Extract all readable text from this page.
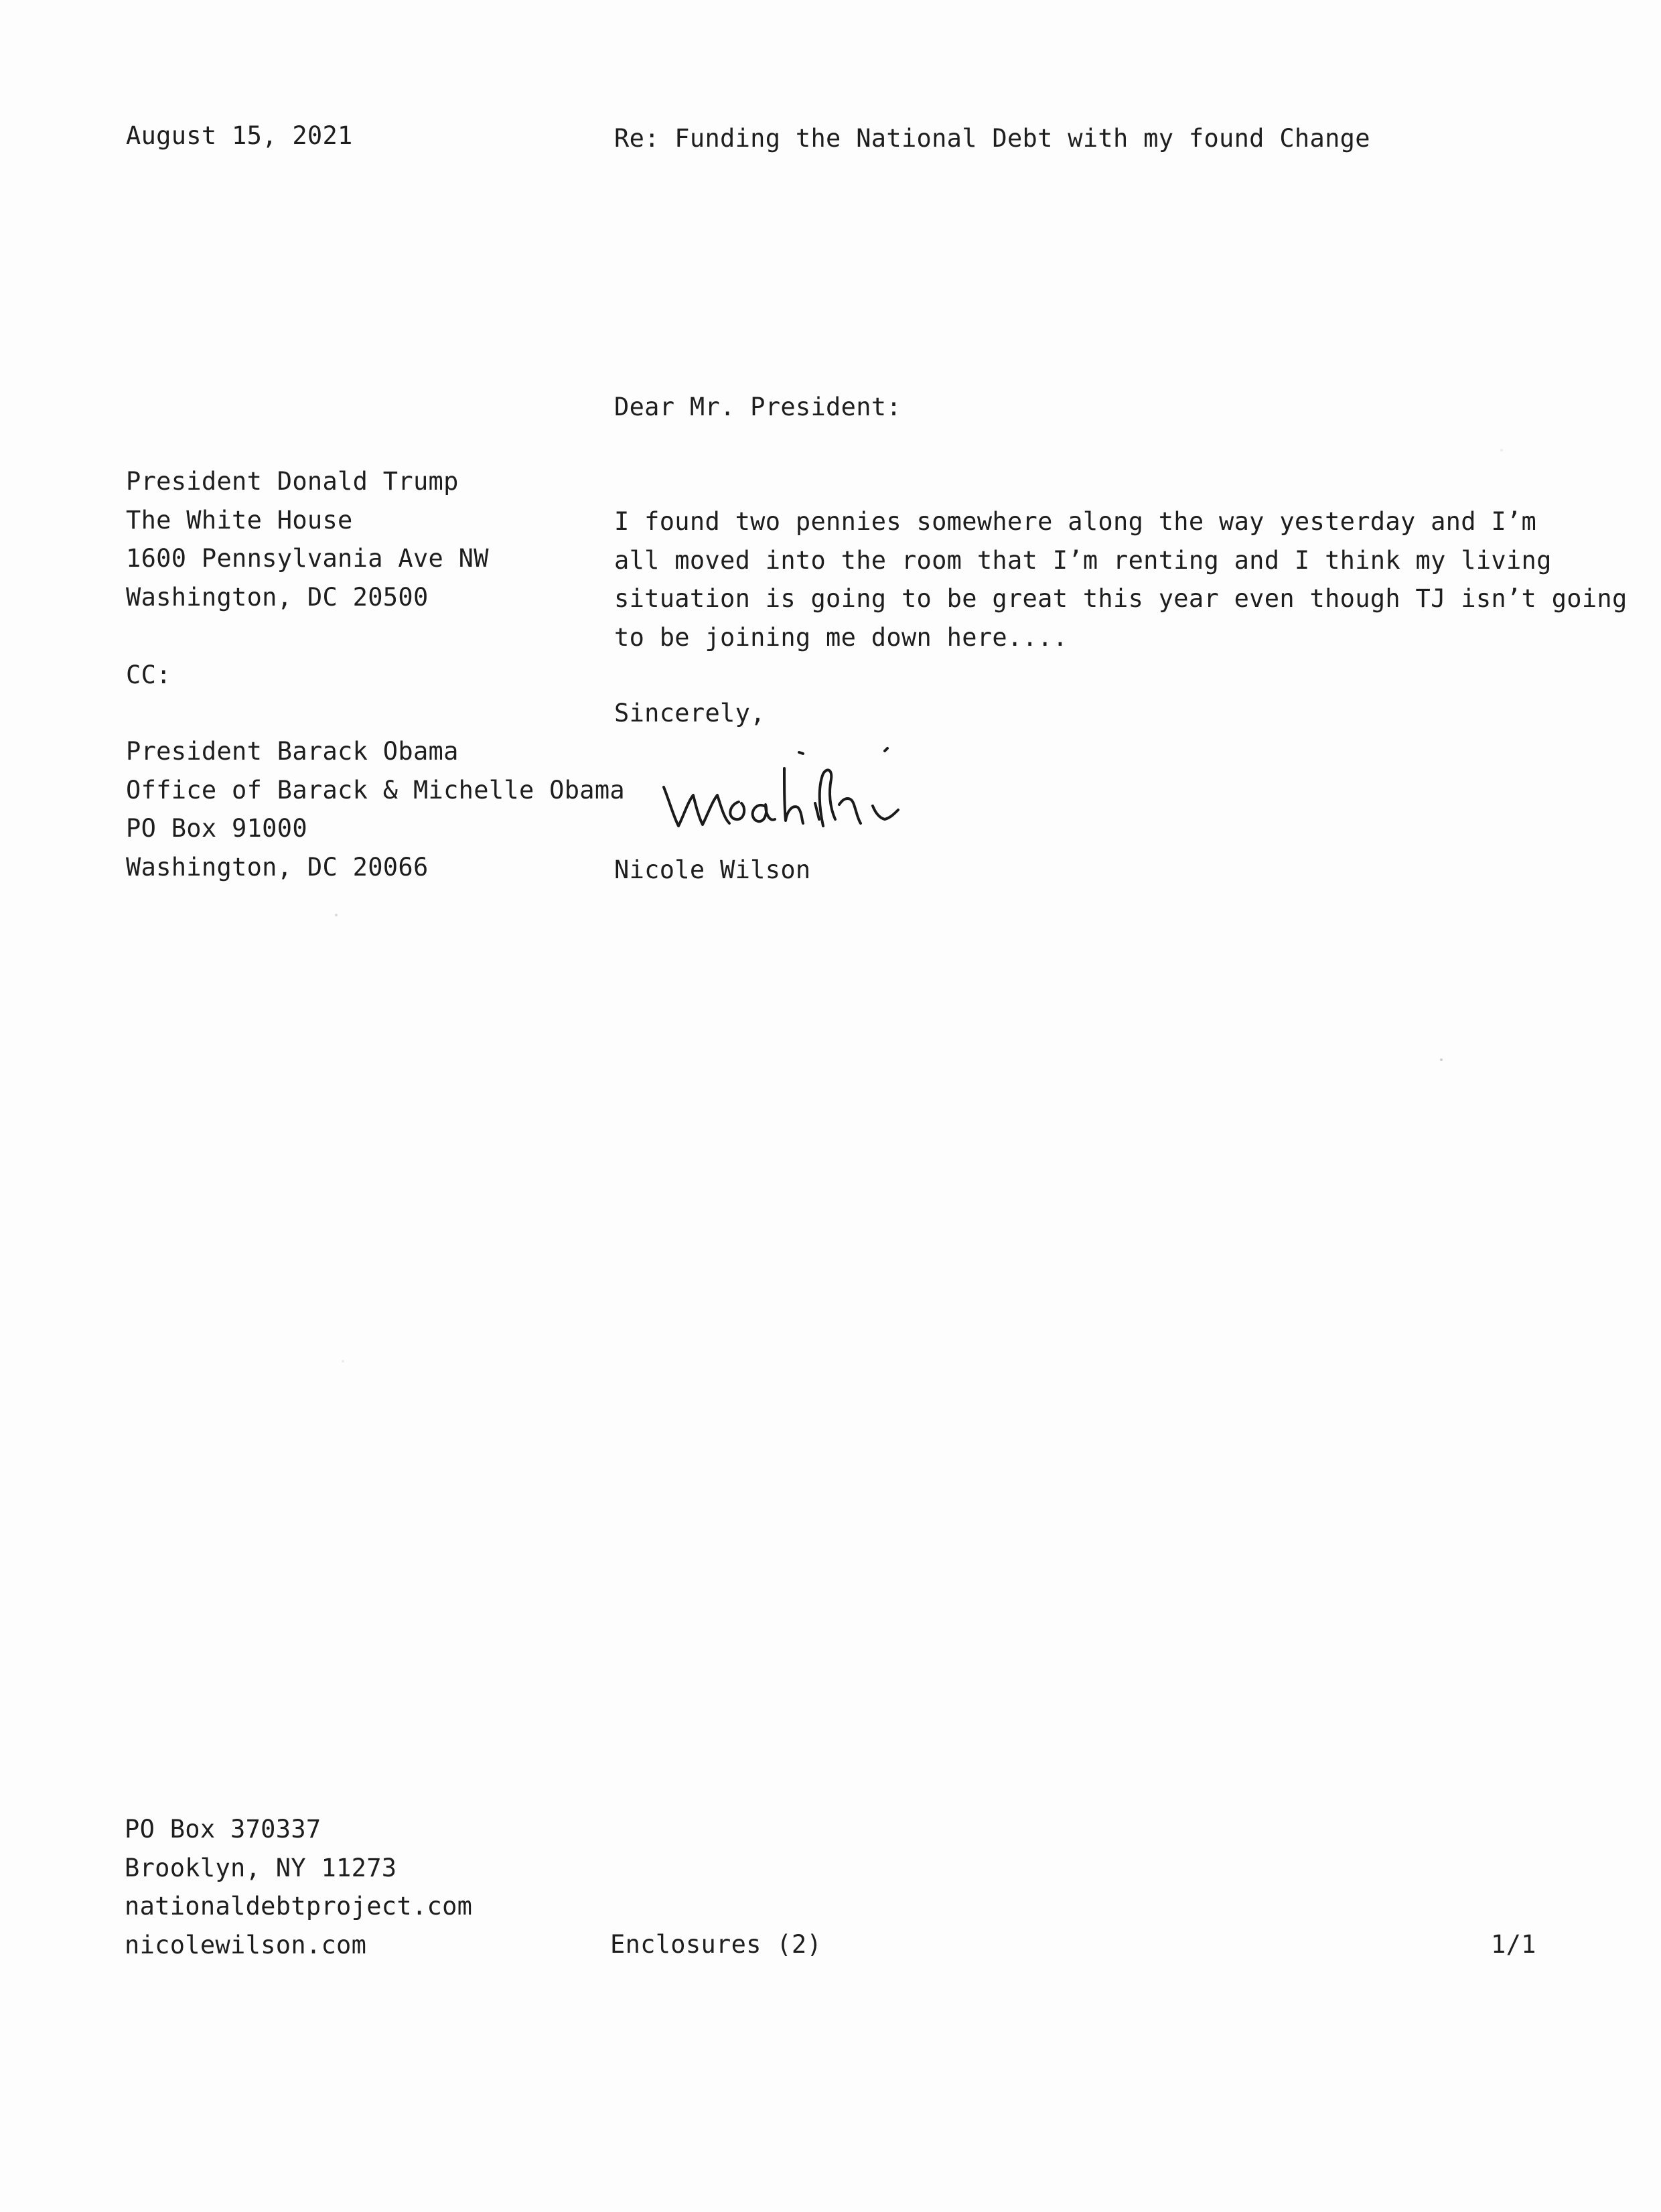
August 15, 2021	Re: Funding the National Debt with my found Change
Dear Mr. President:
President Donald Trump
The White House
1600 Pennsylvania Ave NW
Washington, DC 20500
I found two pennies somewhere along the way yesterday and I’m
all moved into the room that I’m renting and I think my living
situation is going to be great this year even though TJ isn’t going
to be joining me down here....
CC:
Sincerely,
President Barack Obama
Office of Barack & Michelle Obama
PO Box 91000
Washington, DC 20066	Nicole Wilson
PO Box 370337
Brooklyn, NY 11273
nationaldebtproject.com
nicolewilson.com	Enclosures (2)	1/1
